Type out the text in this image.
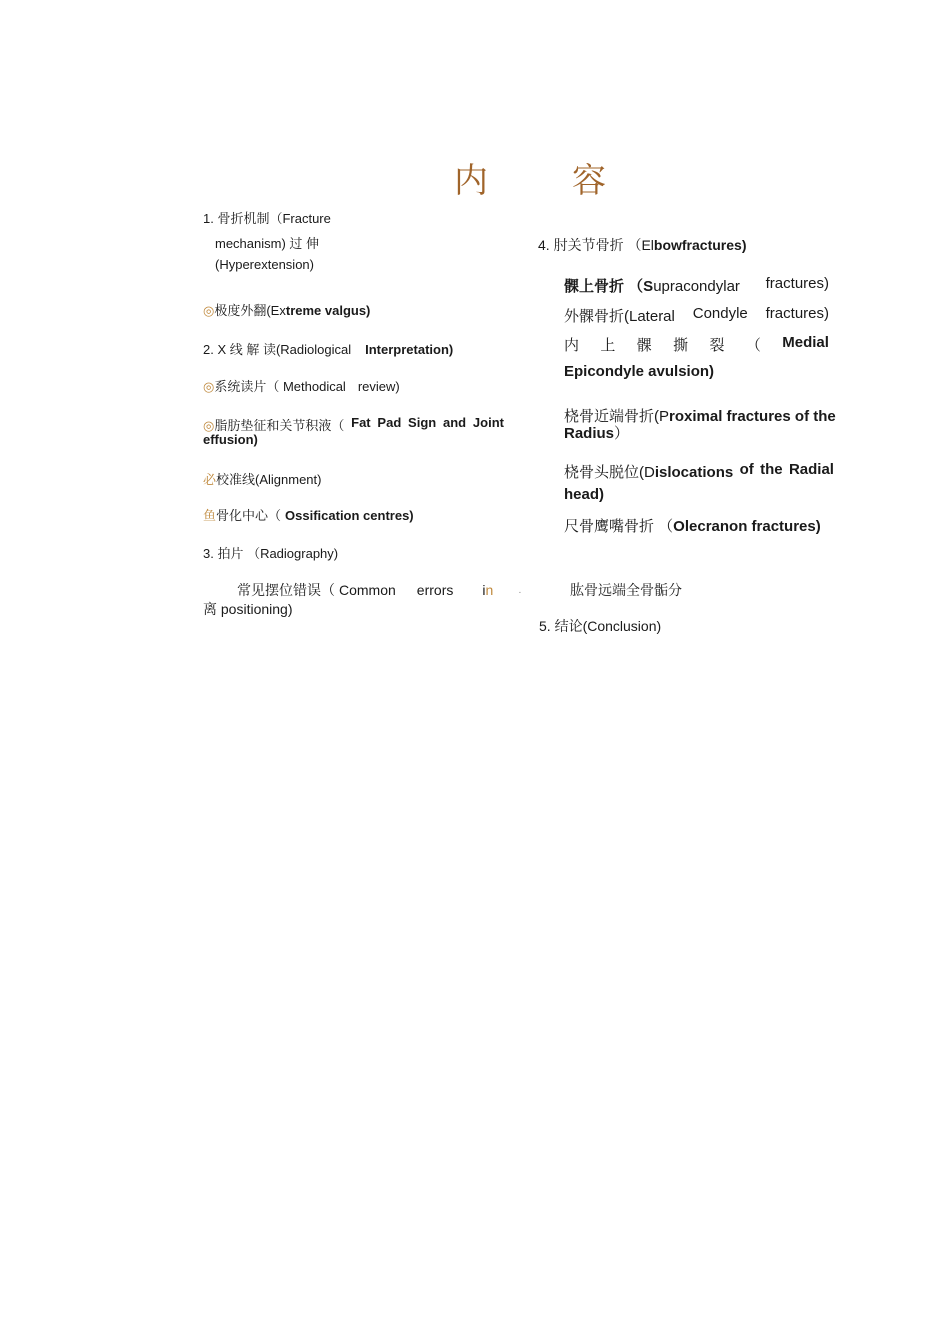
内 容
1. 骨折机制（Fracture
mechanism) 过 伸
(Hyperextension)
◎极度外翻(Extreme valgus)
2. X 线 解 读(Radiological Interpretation)
◎系统读片（ Methodical review)
◎脂肪垫征和关节积液（ Fat Pad Sign and Joint
effusion)
必校准线(Alignment)
鱼骨化中心（ Ossification centres)
3. 拍片 （Radiography)
常见摆位错误（ Common errors in	·
离 positioning)
4. 肘关节骨折 （Elbowfractures)
髁上骨折 （Supracondylar fractures)
外髁骨折(Lateral Condyle fractures)
内 上 髁 撕 裂 （ Medial
Epicondyle avulsion)
桡骨近端骨折(Proximal fractures of the
Radius）
桡骨头脱位(Dislocations of the Radial
head)
尺骨鹰嘴骨折 （Olecranon fractures)
肱骨远端全骨骺分
5. 结论(Conclusion)
